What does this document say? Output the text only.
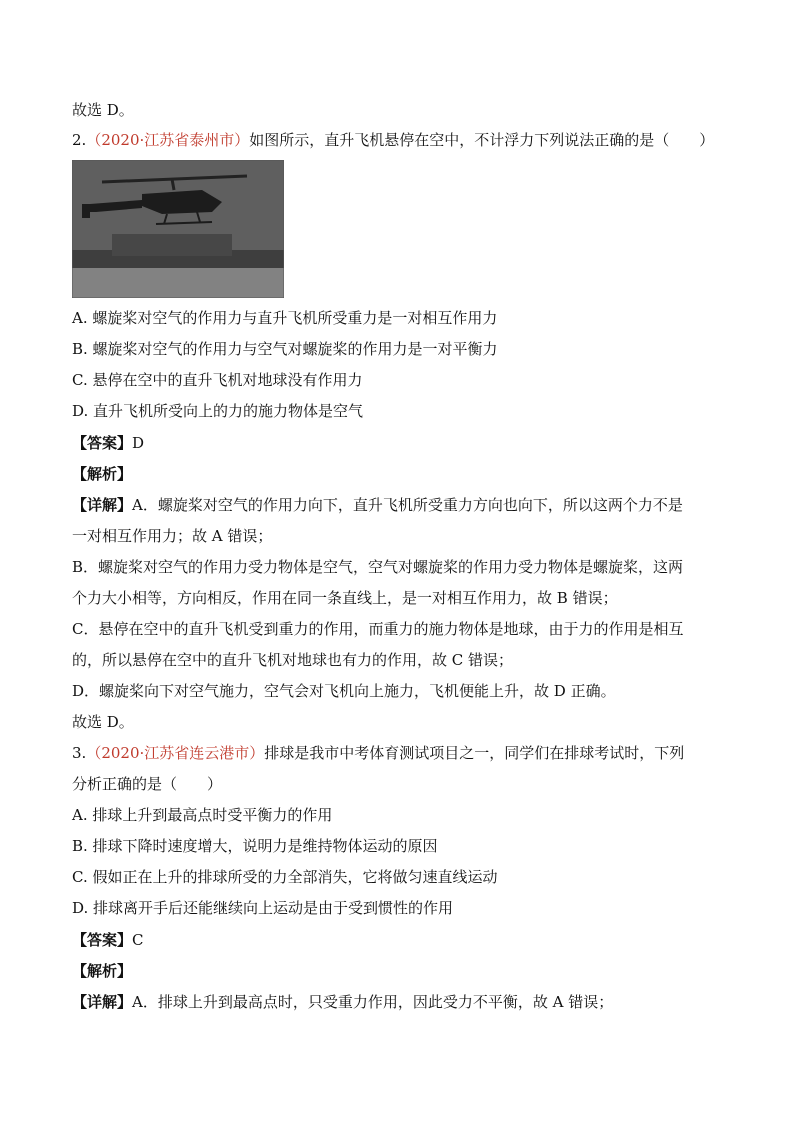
故选 D。
2.（2020·江苏省泰州市）如图所示，直升飞机悬停在空中，不计浮力下列说法正确的是（　　）
A. 螺旋桨对空气的作用力与直升飞机所受重力是一对相互作用力
B. 螺旋桨对空气的作用力与空气对螺旋桨的作用力是一对平衡力
C. 悬停在空中的直升飞机对地球没有作用力
D. 直升飞机所受向上的力的施力物体是空气
【答案】D
【解析】
【详解】A．螺旋桨对空气的作用力向下，直升飞机所受重力方向也向下，所以这两个力不是
一对相互作用力；故 A 错误；
B．螺旋桨对空气的作用力受力物体是空气，空气对螺旋桨的作用力受力物体是螺旋桨，这两
个力大小相等，方向相反，作用在同一条直线上，是一对相互作用力，故 B 错误；
C．悬停在空中的直升飞机受到重力的作用，而重力的施力物体是地球，由于力的作用是相互
的，所以悬停在空中的直升飞机对地球也有力的作用，故 C 错误；
D．螺旋桨向下对空气施力，空气会对飞机向上施力，飞机便能上升，故 D 正确。
故选 D。
3.（2020·江苏省连云港市）排球是我市中考体育测试项目之一，同学们在排球考试时，下列
分析正确的是（　　）
A. 排球上升到最高点时受平衡力的作用
B. 排球下降时速度增大，说明力是维持物体运动的原因
C. 假如正在上升的排球所受的力全部消失，它将做匀速直线运动
D. 排球离开手后还能继续向上运动是由于受到惯性的作用
【答案】C
【解析】
【详解】A．排球上升到最高点时，只受重力作用，因此受力不平衡，故 A 错误；
